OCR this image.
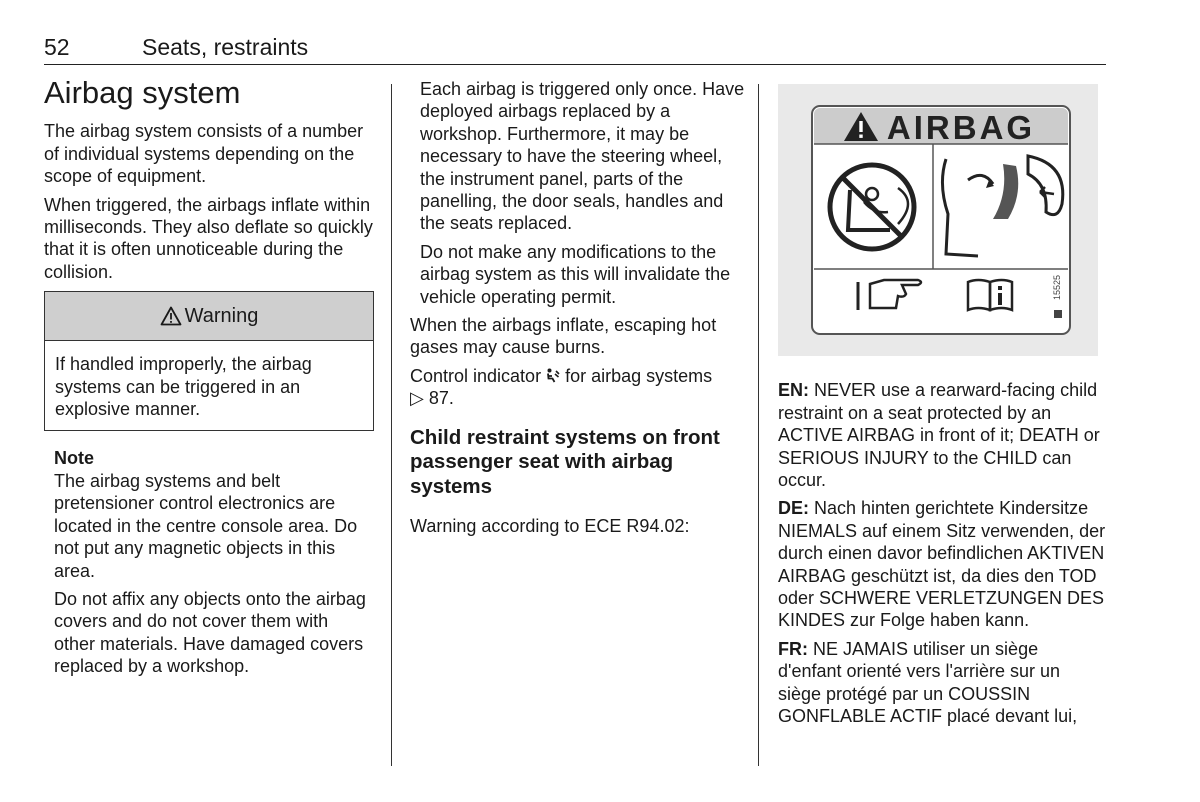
52	Seats, restraints
Airbag system

The airbag system consists of a number of individual systems depending on the scope of equipment.

When triggered, the airbags inflate within milliseconds. They also deflate so quickly that it is often unnoticeable during the collision.

Warning
If handled improperly, the airbag systems can be triggered in an explosive manner.

Note

The airbag systems and belt pretensioner control electronics are located in the centre console area. Do not put any magnetic objects in this area.

Do not affix any objects onto the airbag covers and do not cover them with other materials. Have damaged covers replaced by a workshop.

Each airbag is triggered only once. Have deployed airbags replaced by a workshop. Furthermore, it may be necessary to have the steering wheel, the instrument panel, parts of the panelling, the door seals, handles and the seats replaced.

Do not make any modifications to the airbag system as this will invalidate the vehicle operating permit.

When the airbags inflate, escaping hot gases may cause burns.

Control indicator  for airbag systems
▷ 87.

Child restraint systems on front passenger seat with airbag systems

Warning according to ECE R94.02:

AIRBAG
15525

EN: NEVER use a rearward-facing child restraint on a seat protected by an ACTIVE AIRBAG in front of it; DEATH or SERIOUS INJURY to the CHILD can occur.

DE: Nach hinten gerichtete Kindersitze NIEMALS auf einem Sitz verwenden, der durch einen davor befindlichen AKTIVEN AIRBAG geschützt ist, da dies den TOD oder SCHWERE VERLETZUNGEN DES KINDES zur Folge haben kann.

FR: NE JAMAIS utiliser un siège d'enfant orienté vers l'arrière sur un siège protégé par un COUSSIN GONFLABLE ACTIF placé devant lui,
